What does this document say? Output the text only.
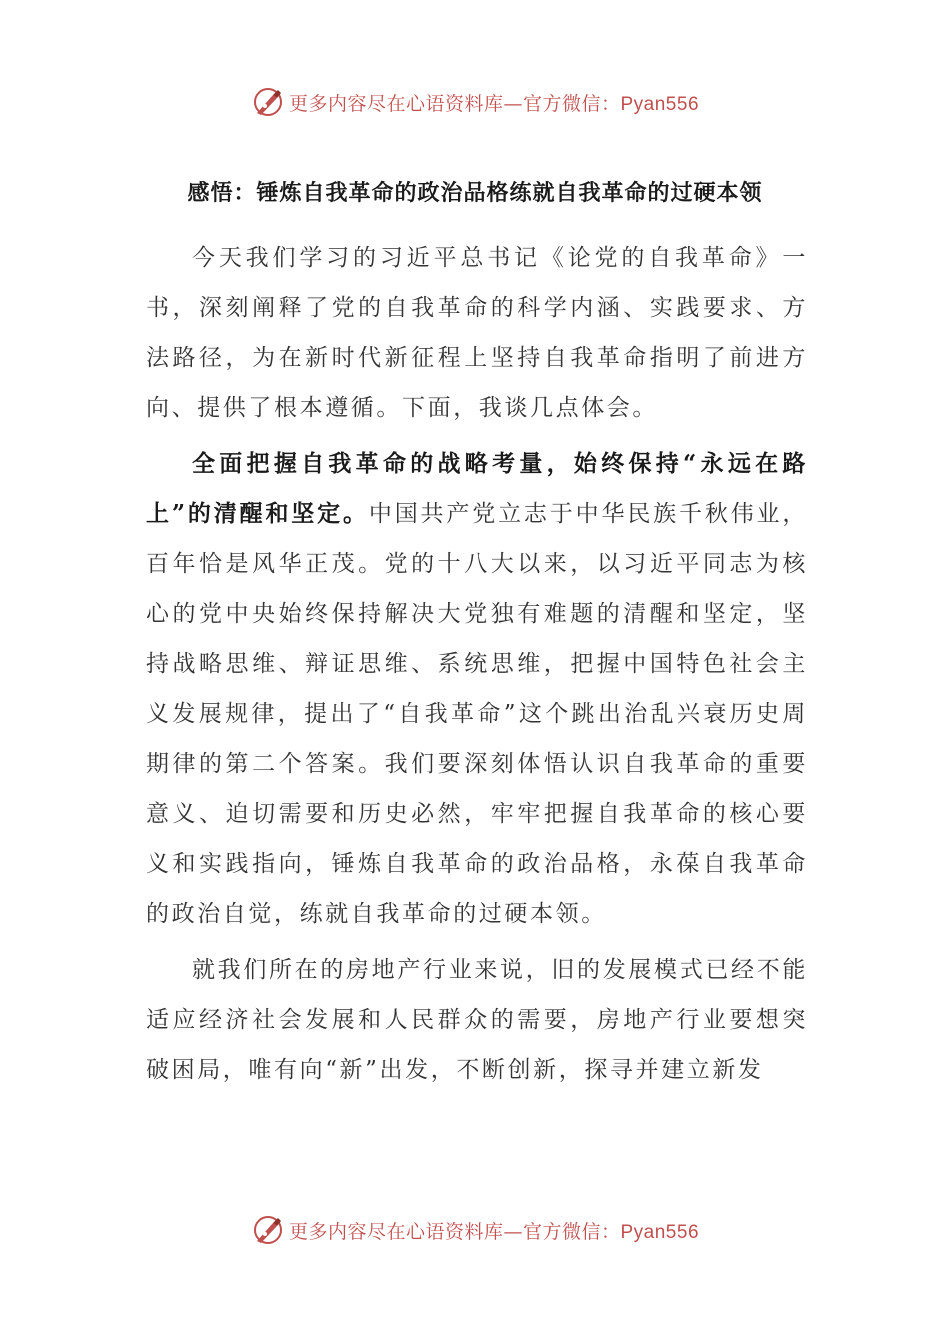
更多内容尽在心语资料库—官方微信：Pyan556
感悟：锤炼自我革命的政治品格练就自我革命的过硬本领

今天我们学习的习近平总书记《论党的自我革命》一书，深刻阐释了党的自我革命的科学内涵、实践要求、方法路径，为在新时代新征程上坚持自我革命指明了前进方向、提供了根本遵循。下面，我谈几点体会。

全面把握自我革命的战略考量，始终保持“永远在路上”的清醒和坚定。中国共产党立志于中华民族千秋伟业，百年恰是风华正茂。党的十八大以来，以习近平同志为核心的党中央始终保持解决大党独有难题的清醒和坚定，坚持战略思维、辩证思维、系统思维，把握中国特色社会主义发展规律，提出了“自我革命”这个跳出治乱兴衰历史周期律的第二个答案。我们要深刻体悟认识自我革命的重要意义、迫切需要和历史必然，牢牢把握自我革命的核心要义和实践指向，锤炼自我革命的政治品格，永葆自我革命的政治自觉，练就自我革命的过硬本领。

就我们所在的房地产行业来说，旧的发展模式已经不能适应经济社会发展和人民群众的需要，房地产行业要想突破困局，唯有向“新”出发，不断创新，探寻并建立新发

更多内容尽在心语资料库—官方微信：Pyan556
